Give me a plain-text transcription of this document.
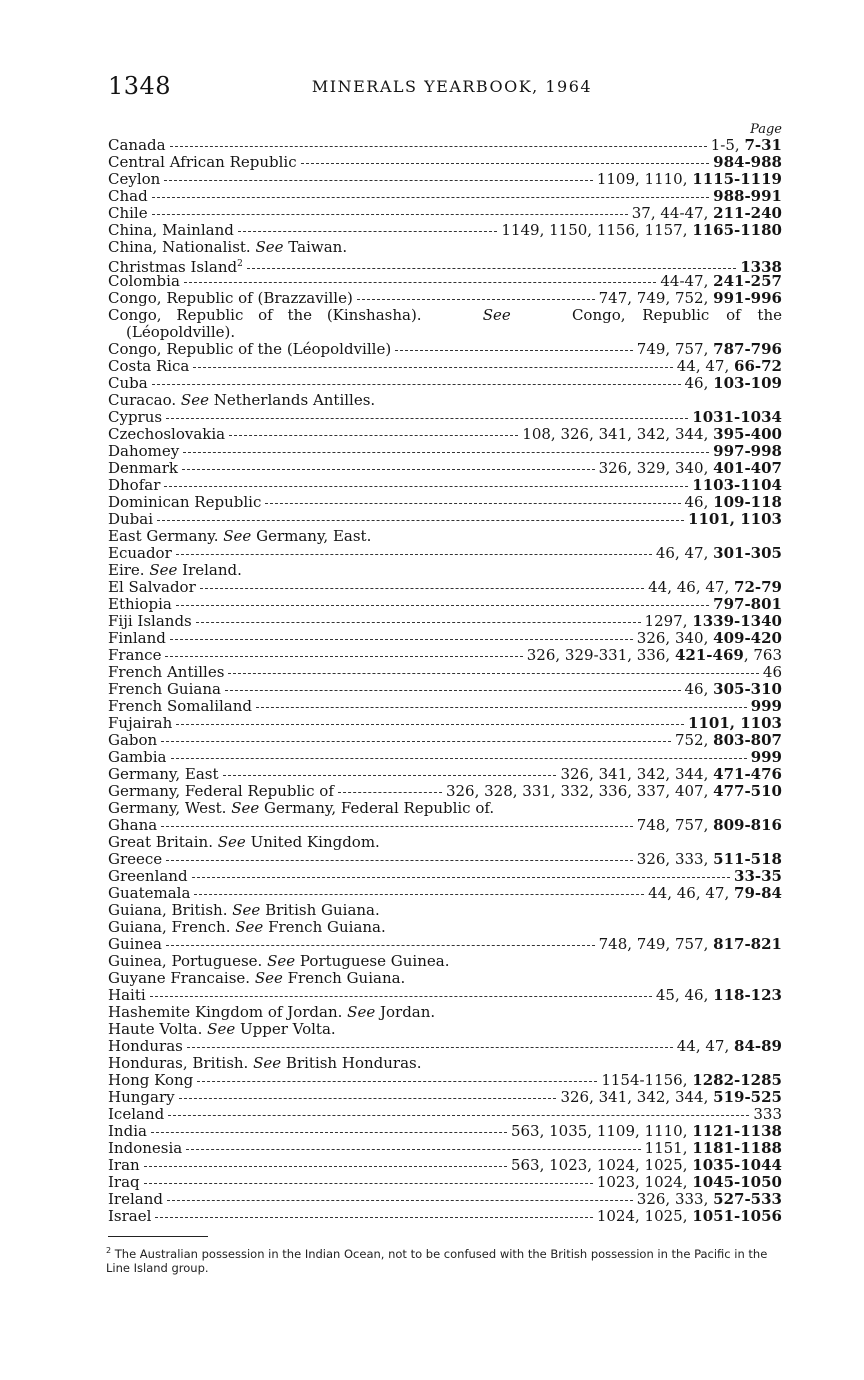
1348	MINERALS YEARBOOK, 1964
Page
Canada	1-5, 7-31
Central African Republic	984-988
Ceylon	1109, 1110, 1115-1119
Chad	988-991
Chile	37, 44-47, 211-240
China, Mainland	1149, 1150, 1156, 1157, 1165-1180
China, Nationalist. See Taiwan.
Christmas Island$^2$	1338
Colombia	44-47, 241-257
Congo, Republic of (Brazzaville)	747, 749, 752, 991-996
Congo, Republic of the (Kinshasha).	See	Congo, Republic of the
(Léopoldville).
Congo, Republic of the (Léopoldville)	749, 757, 787-796
Costa Rica	44, 47, 66-72
Cuba	46, 103-109
Curacao. See Netherlands Antilles.
Cyprus	1031-1034
Czechoslovakia	108, 326, 341, 342, 344, 395-400
Dahomey	997-998
Denmark	326, 329, 340, 401-407
Dhofar	1103-1104
Dominican Republic	46, 109-118
Dubai	1101, 1103
East Germany. See Germany, East.
Ecuador	46, 47, 301-305
Eire. See Ireland.
El Salvador	44, 46, 47, 72-79
Ethiopia	797-801
Fiji Islands	1297, 1339-1340
Finland	326, 340, 409-420
France	326, 329-331, 336, 421-469, 763
French Antilles	46
French Guiana	46, 305-310
French Somaliland	999
Fujairah	1101, 1103
Gabon	752, 803-807
Gambia	999
Germany, East	326, 341, 342, 344, 471-476
Germany, Federal Republic of	326, 328, 331, 332, 336, 337, 407, 477-510
Germany, West. See Germany, Federal Republic of.
Ghana	748, 757, 809-816
Great Britain. See United Kingdom.
Greece	326, 333, 511-518
Greenland	33-35
Guatemala	44, 46, 47, 79-84
Guiana, British. See British Guiana.
Guiana, French. See French Guiana.
Guinea	748, 749, 757, 817-821
Guinea, Portuguese. See Portuguese Guinea.
Guyane Francaise. See French Guiana.
Haiti	45, 46, 118-123
Hashemite Kingdom of Jordan. See Jordan.
Haute Volta. See Upper Volta.
Honduras	44, 47, 84-89
Honduras, British. See British Honduras.
Hong Kong	1154-1156, 1282-1285
Hungary	326, 341, 342, 344, 519-525
Iceland	333
India	563, 1035, 1109, 1110, 1121-1138
Indonesia	1151, 1181-1188
Iran	563, 1023, 1024, 1025, 1035-1044
Iraq	1023, 1024, 1045-1050
Ireland	326, 333, 527-533
Israel	1024, 1025, 1051-1056
$^2$ The Australian possession in the Indian Ocean, not to be confused with the British possession in the Pacific in the Line Island group.
